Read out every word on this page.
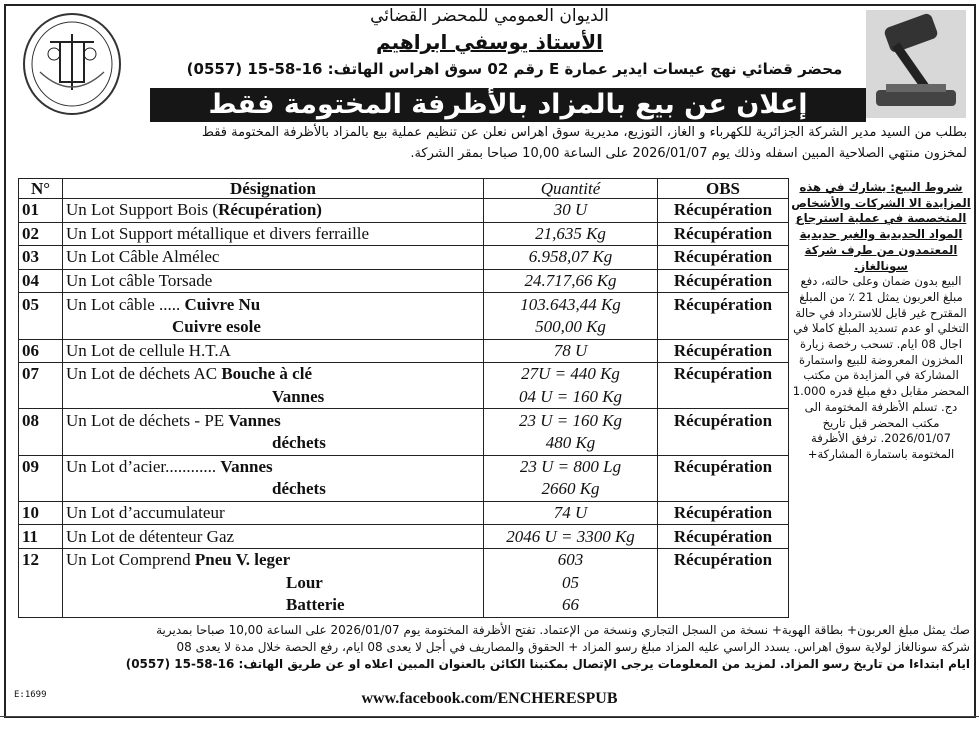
الديوان العمومي للمحضر القضائي
الأستاذ يوسفي ابراهيم
محضر قضائي نهج عيسات ايدير عمارة E رقم 02 سوق اهراس الهاتف: 16-58-15 (0557)
إعلان عن بيع بالمزاد بالأظرفة المختومة فقط
بطلب من السيد مدير الشركة الجزائرية للكهرباء و الغاز، التوزيع، مديرية سوق اهراس نعلن عن تنظيم عملية بيع بالمزاد بالأظرفة المختومة فقط
لمخزون منتهي الصلاحية المبين اسفله وذلك يوم 2026/01/07 على الساعة 10,00 صباحا بمقر الشركة.
N°	Désignation	Quantité	OBS
01	Un Lot Support Bois (Récupération)	30 U	Récupération
02	Un Lot Support métallique et divers ferraille	21,635 Kg	Récupération
03	Un Lot Câble Almélec	6.958,07 Kg	Récupération
04	Un Lot câble Torsade	24.717,66 Kg	Récupération
05	Un Lot câble ..... Cuivre Nu	103.643,44 Kg	Récupération
	Cuivre esole	500,00 Kg	
06	Un Lot de cellule H.T.A	78 U	Récupération
07	Un Lot de déchets AC Bouche à clé	27U = 440 Kg	Récupération
	Vannes	04 U = 160 Kg	
08	Un Lot de déchets - PE Vannes	23 U = 160 Kg	Récupération
	déchets	480 Kg	
09	Un Lot d’acier............ Vannes	23 U = 800 Lg	Récupération
	déchets	2660 Kg	
10	Un Lot d’accumulateur	74 U	Récupération
11	Un Lot de détenteur Gaz	2046 U = 3300 Kg	Récupération
12	Un Lot Comprend Pneu V. leger	603	Récupération
	Lour	05	
	Batterie	66	
شروط البيع: يشارك في هذه المزايدة الا الشركات والأشخاص المتخصصة في عملية استرجاع المواد الحديدية والغير حديدية المعتمدون من طرف شركة سونالغاز.
البيع بدون ضمان وعلى حالته، دفع مبلغ العربون يمثل 21 ٪ من المبلغ المقترح غير قابل للاسترداد في حالة التخلي او عدم تسديد المبلغ كاملا في اجال 08 ايام. تسحب رخصة زيارة المخزون المعروضة للبيع واستمارة المشاركة في المزايدة من مكتب المحضر مقابل دفع مبلغ قدره 1.000 دج. تسلم الأظرفة المختومة الى مكتب المحضر قبل تاريخ 2026/01/07. ترفق الأظرفة المختومة باستمارة المشاركة+
صك يمثل مبلغ العربون+ بطاقة الهوية+ نسخة من السجل التجاري ونسخة من الإعتماد. تفتح الأظرفة المختومة يوم 2026/01/07 على الساعة 10,00 صباحا بمديرية
شركة سونالغاز لولاية سوق اهراس. يسدد الراسي عليه المزاد مبلغ رسو المزاد + الحقوق والمصاريف في أجل لا يعدى 08 ايام، رفع الحصة خلال مدة لا يعدى 08
ايام ابتداءا من تاريخ رسو المزاد. لمزيد من المعلومات يرجى الإتصال بمكتبنا الكائن بالعنوان المبين اعلاه او عن طريق الهاتف: 16-58-15 (0557)
www.facebook.com/ENCHERESPUB
E:1699
